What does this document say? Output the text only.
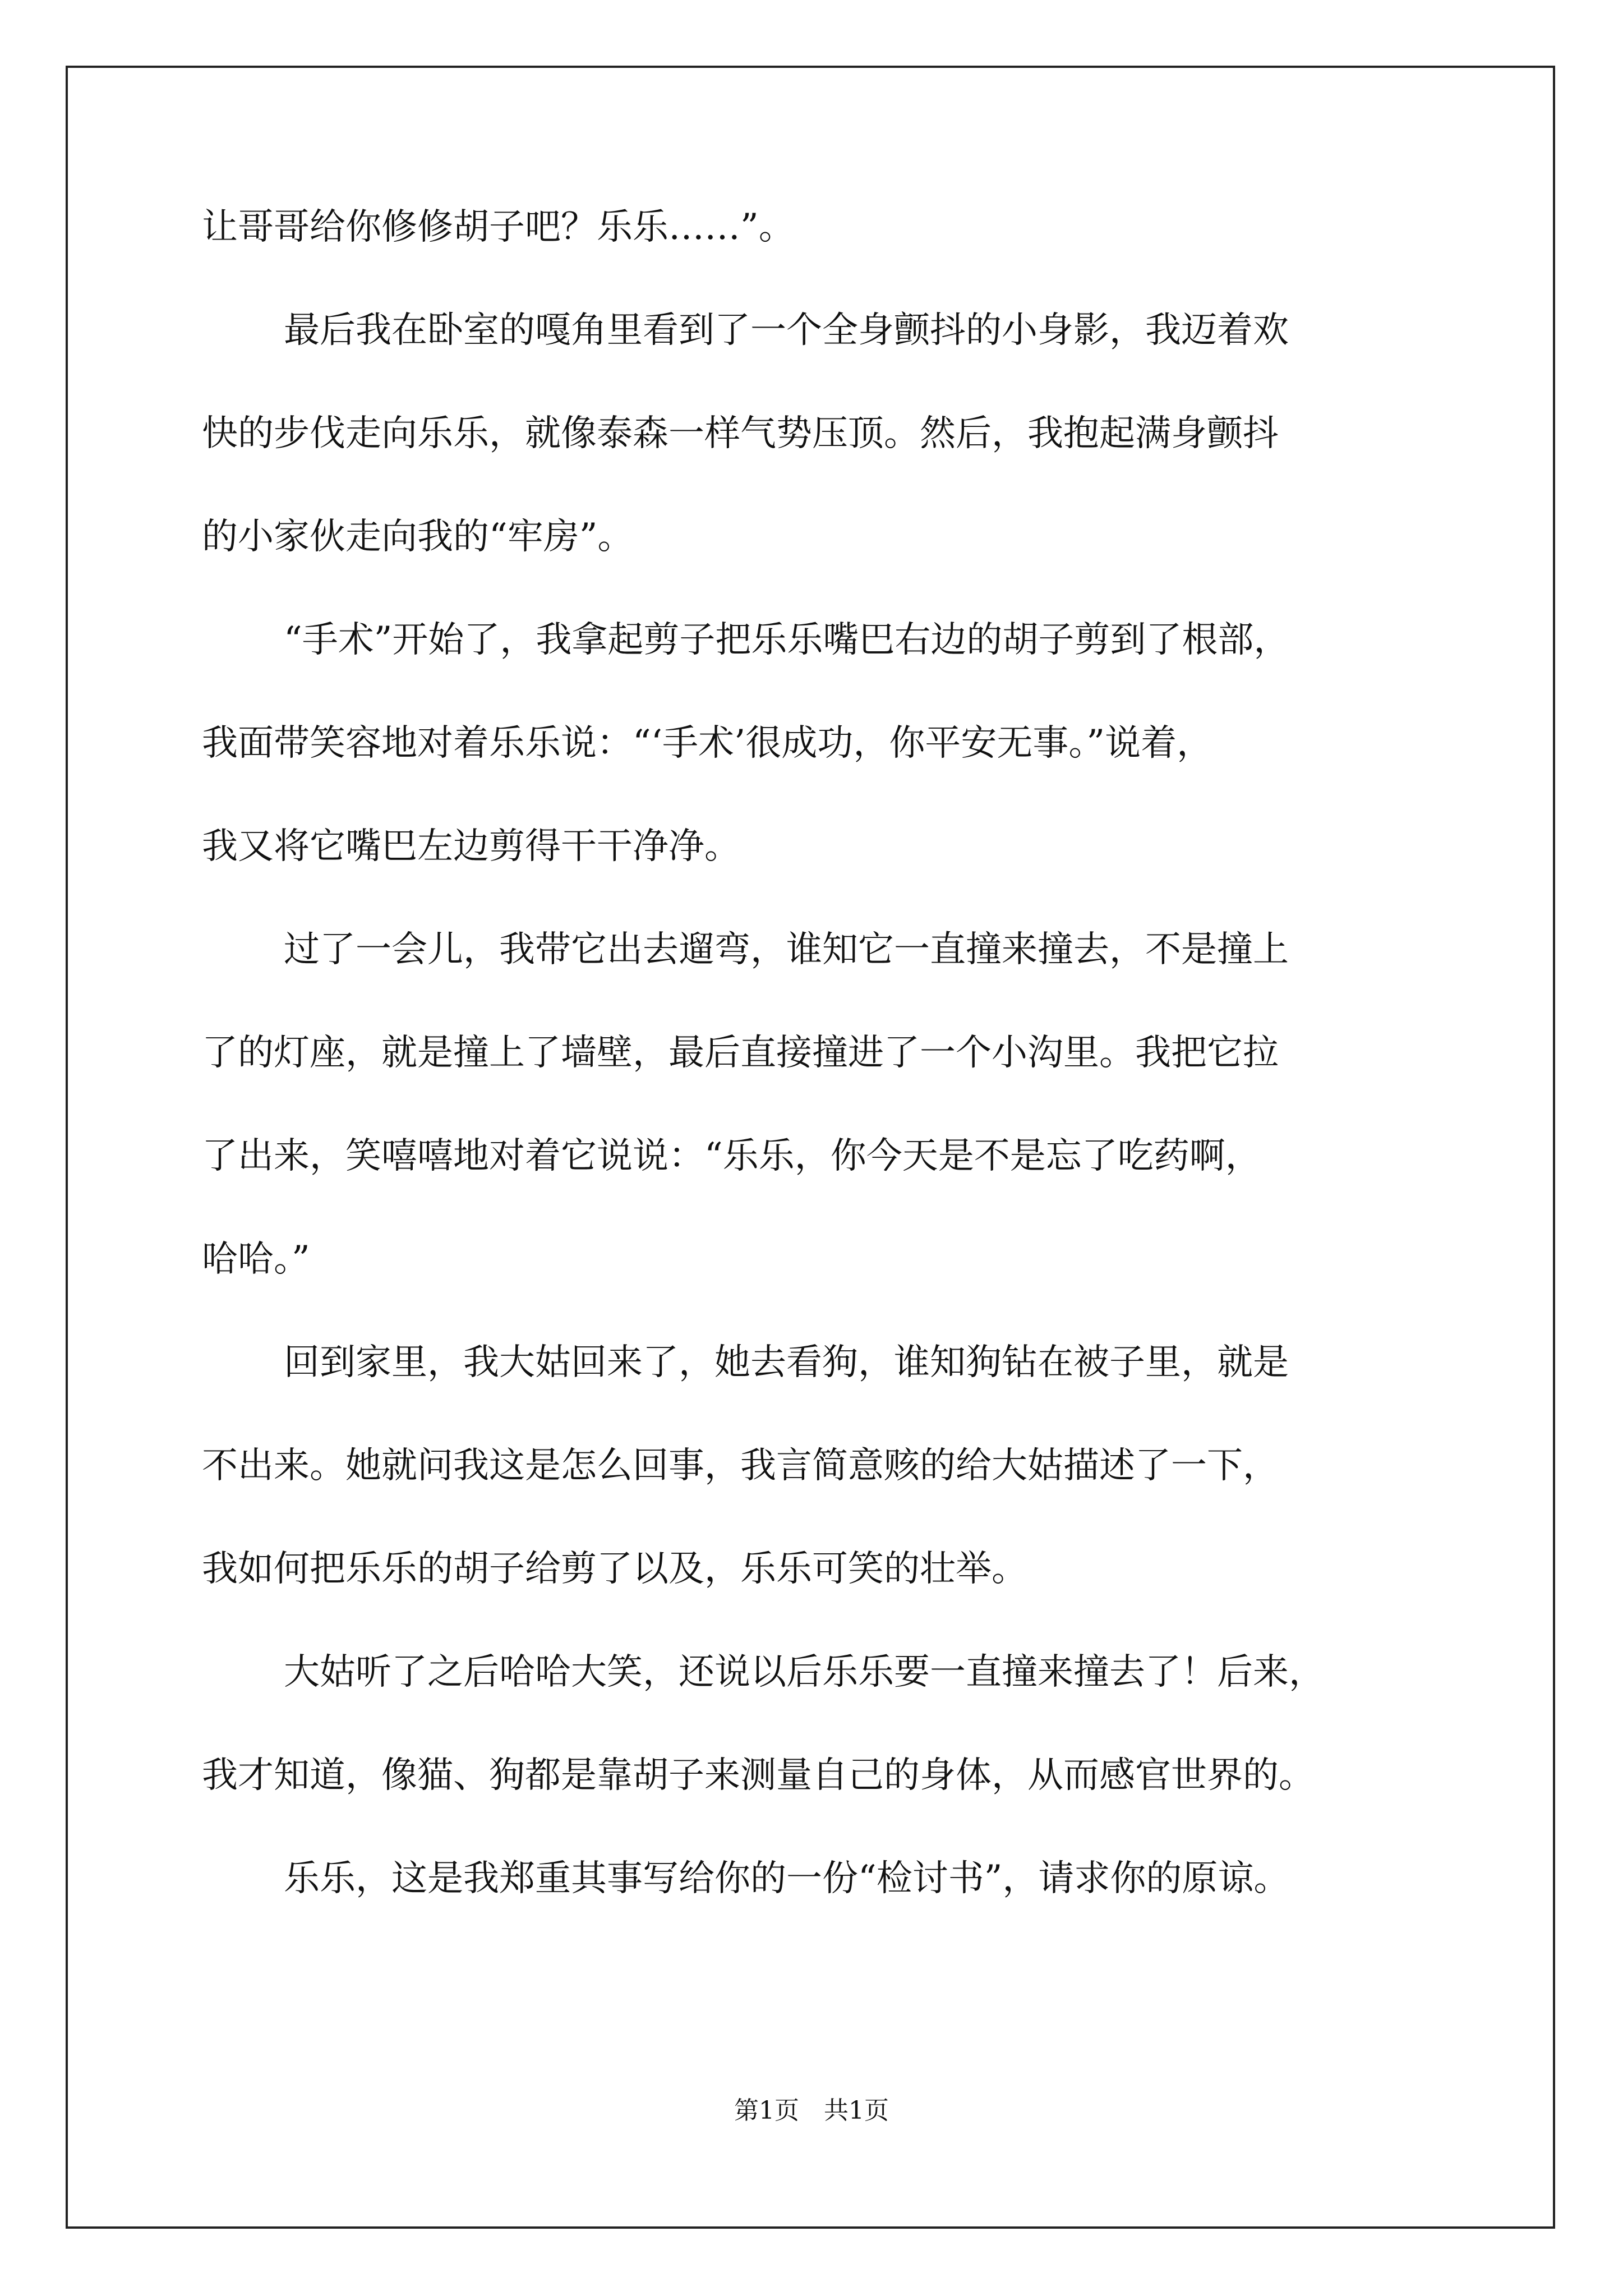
让哥哥给你修修胡子吧？乐乐……”。
最后我在卧室的嘎角里看到了一个全身颤抖的小身影，我迈着欢
快的步伐走向乐乐，就像泰森一样气势压顶。然后，我抱起满身颤抖
的小家伙走向我的“牢房”。
“手术”开始了，我拿起剪子把乐乐嘴巴右边的胡子剪到了根部，
我面带笑容地对着乐乐说：“‘手术’很成功，你平安无事。”说着，
我又将它嘴巴左边剪得干干净净。
过了一会儿，我带它出去遛弯，谁知它一直撞来撞去，不是撞上
了的灯座，就是撞上了墙壁，最后直接撞进了一个小沟里。我把它拉
了出来，笑嘻嘻地对着它说说：“乐乐，你今天是不是忘了吃药啊，
哈哈。”
回到家里，我大姑回来了，她去看狗，谁知狗钻在被子里，就是
不出来。她就问我这是怎么回事，我言简意赅的给大姑描述了一下，
我如何把乐乐的胡子给剪了以及，乐乐可笑的壮举。
大姑听了之后哈哈大笑，还说以后乐乐要一直撞来撞去了！后来，
我才知道，像猫、狗都是靠胡子来测量自己的身体，从而感官世界的。
乐乐，这是我郑重其事写给你的一份“检讨书”，请求你的原谅。
第1页　共1页
